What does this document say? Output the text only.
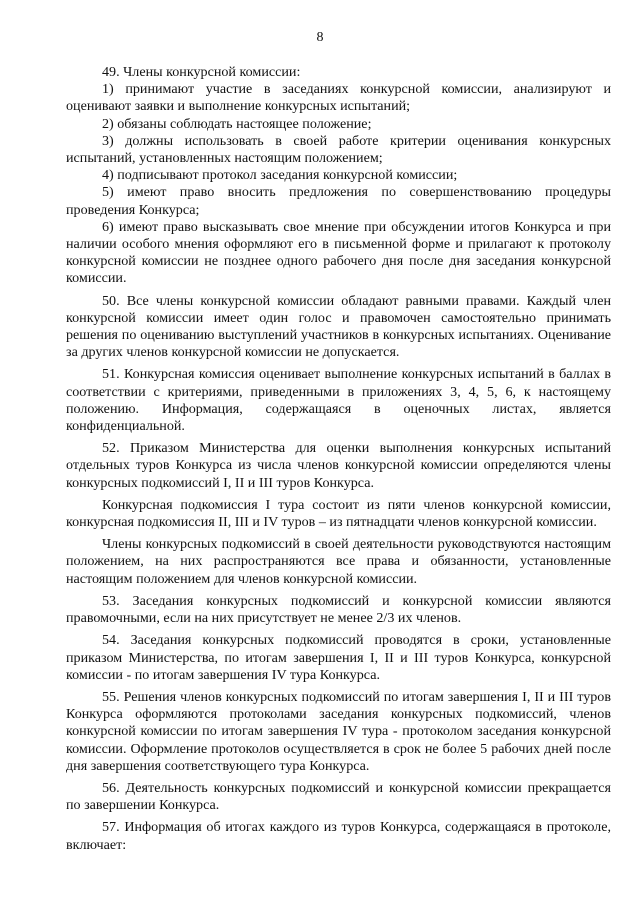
8

49. Члены конкурсной комиссии:

1) принимают участие в заседаниях конкурсной комиссии, анализируют и оценивают заявки и выполнение конкурсных испытаний;

2) обязаны соблюдать настоящее положение;

3) должны использовать в своей работе критерии оценивания конкурсных испытаний, установленных настоящим положением;

4) подписывают протокол заседания конкурсной комиссии;

5) имеют право вносить предложения по совершенствованию процедуры проведения Конкурса;

6) имеют право высказывать свое мнение при обсуждении итогов Конкурса и при наличии особого мнения оформляют его в письменной форме и прилагают к протоколу конкурсной комиссии не позднее одного рабочего дня после дня заседания конкурсной комиссии.

50. Все члены конкурсной комиссии обладают равными правами. Каждый член конкурсной комиссии имеет один голос и правомочен самостоятельно принимать решения по оцениванию выступлений участников в конкурсных испытаниях. Оценивание за других членов конкурсной комиссии не допускается.

51. Конкурсная комиссия оценивает выполнение конкурсных испытаний в баллах в соответствии с критериями, приведенными в приложениях 3, 4, 5, 6, к настоящему положению. Информация, содержащаяся в оценочных листах, является конфиденциальной.

52. Приказом Министерства для оценки выполнения конкурсных испытаний отдельных туров Конкурса из числа членов конкурсной комиссии определяются члены конкурсных подкомиссий I, II и III туров Конкурса.

Конкурсная подкомиссия I тура состоит из пяти членов конкурсной комиссии, конкурсная подкомиссия II, III и IV туров – из пятнадцати членов конкурсной комиссии.

Члены конкурсных подкомиссий в своей деятельности руководствуются настоящим положением, на них распространяются все права и обязанности, установленные настоящим положением для членов конкурсной комиссии.

53. Заседания конкурсных подкомиссий и конкурсной комиссии являются правомочными, если на них присутствует не менее 2/3 их членов.

54. Заседания конкурсных подкомиссий проводятся в сроки, установленные приказом Министерства, по итогам завершения I, II и III туров Конкурса, конкурсной комиссии - по итогам завершения IV тура Конкурса.

55. Решения членов конкурсных подкомиссий по итогам завершения I, II и III туров Конкурса оформляются протоколами заседания конкурсных подкомиссий, членов конкурсной комиссии по итогам завершения IV тура - протоколом заседания конкурсной комиссии. Оформление протоколов осуществляется в срок не более 5 рабочих дней после дня завершения соответствующего тура Конкурса.

56. Деятельность конкурсных подкомиссий и конкурсной комиссии прекращается по завершении Конкурса.

57. Информация об итогах каждого из туров Конкурса, содержащаяся в протоколе, включает:
